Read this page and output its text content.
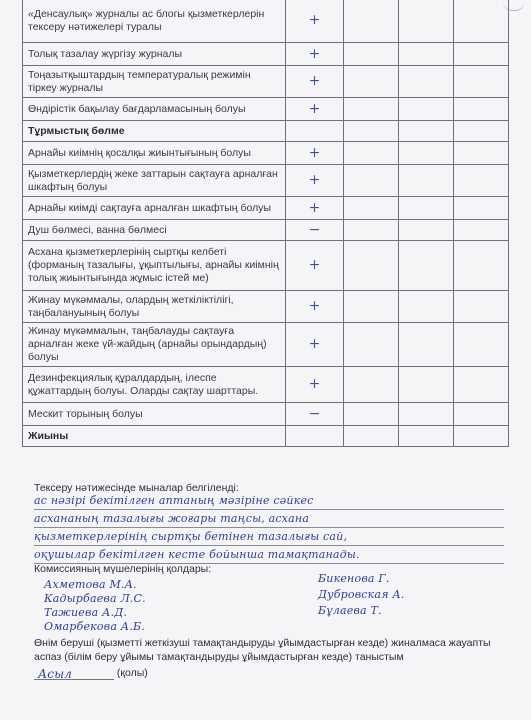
«Денсаулық» журналы ас блогы қызметкерлерін тексеру нәтижелері туралы	+			
Толық тазалау жүргізу журналы	+			
Тоңазытқыштардың температуралық режимін тіркеу журналы	+			
Өндірістік бақылау бағдарламасының болуы	+			
Тұрмыстық бөлме				
Арнайы киімнің қосалқы жиынтығының болуы	+			
Қызметкерлердің жеке заттарын сақтауға арналған шкафтың болуы	+			
Арнайы киімді сақтауға арналған шкафтың болуы	+			
Душ бөлмесі, ванна бөлмесі	−			
Асхана қызметкерлерінің сыртқы келбеті (форманың тазалығы, ұқыптылығы, арнайы киімнің толық жиынтығында жұмыс істей ме)	+			
Жинау мүкәммалы, олардың жеткіліктілігі, таңбалануының болуы	+			
Жинау мүкәммалын, таңбалауды сақтауға арналған жеке үй-жайдың (арнайы орындардың) болуы	+			
Дезинфекциялық құралдардың, ілеспе құжаттардың болуы. Оларды сақтау шарттары.	+			
Мескит торының болуы	−			
Жиыны				
Тексеру нәтижесінде мыналар белгіленді:
ас нәзірі бекітілген аптаның мәзіріне сәйкес
асхананың тазалығы жоғары таңсы, асхана
қызметкерлерінің сыртқы бетінен тазалығы сай,
оқушылар бекітілген кесте бойынша тамақтанады.
Комиссияның мүшелерінің қолдары:
Ахметова М.А.
Кадырбаева Л.С.
Тажиева А.Д.
Омарбекова А.Б.
Бикенова Г.
Дубровская А.
Бұлаева Т.
Өнім беруші (қызметті жеткізуші тамақтандыруды ұйымдастырған кезде) жиналмаса жауапты аспаз (білім беру ұйымы тамақтандыруды ұйымдастырған кезде) таныстым
Асыл	(қолы)
